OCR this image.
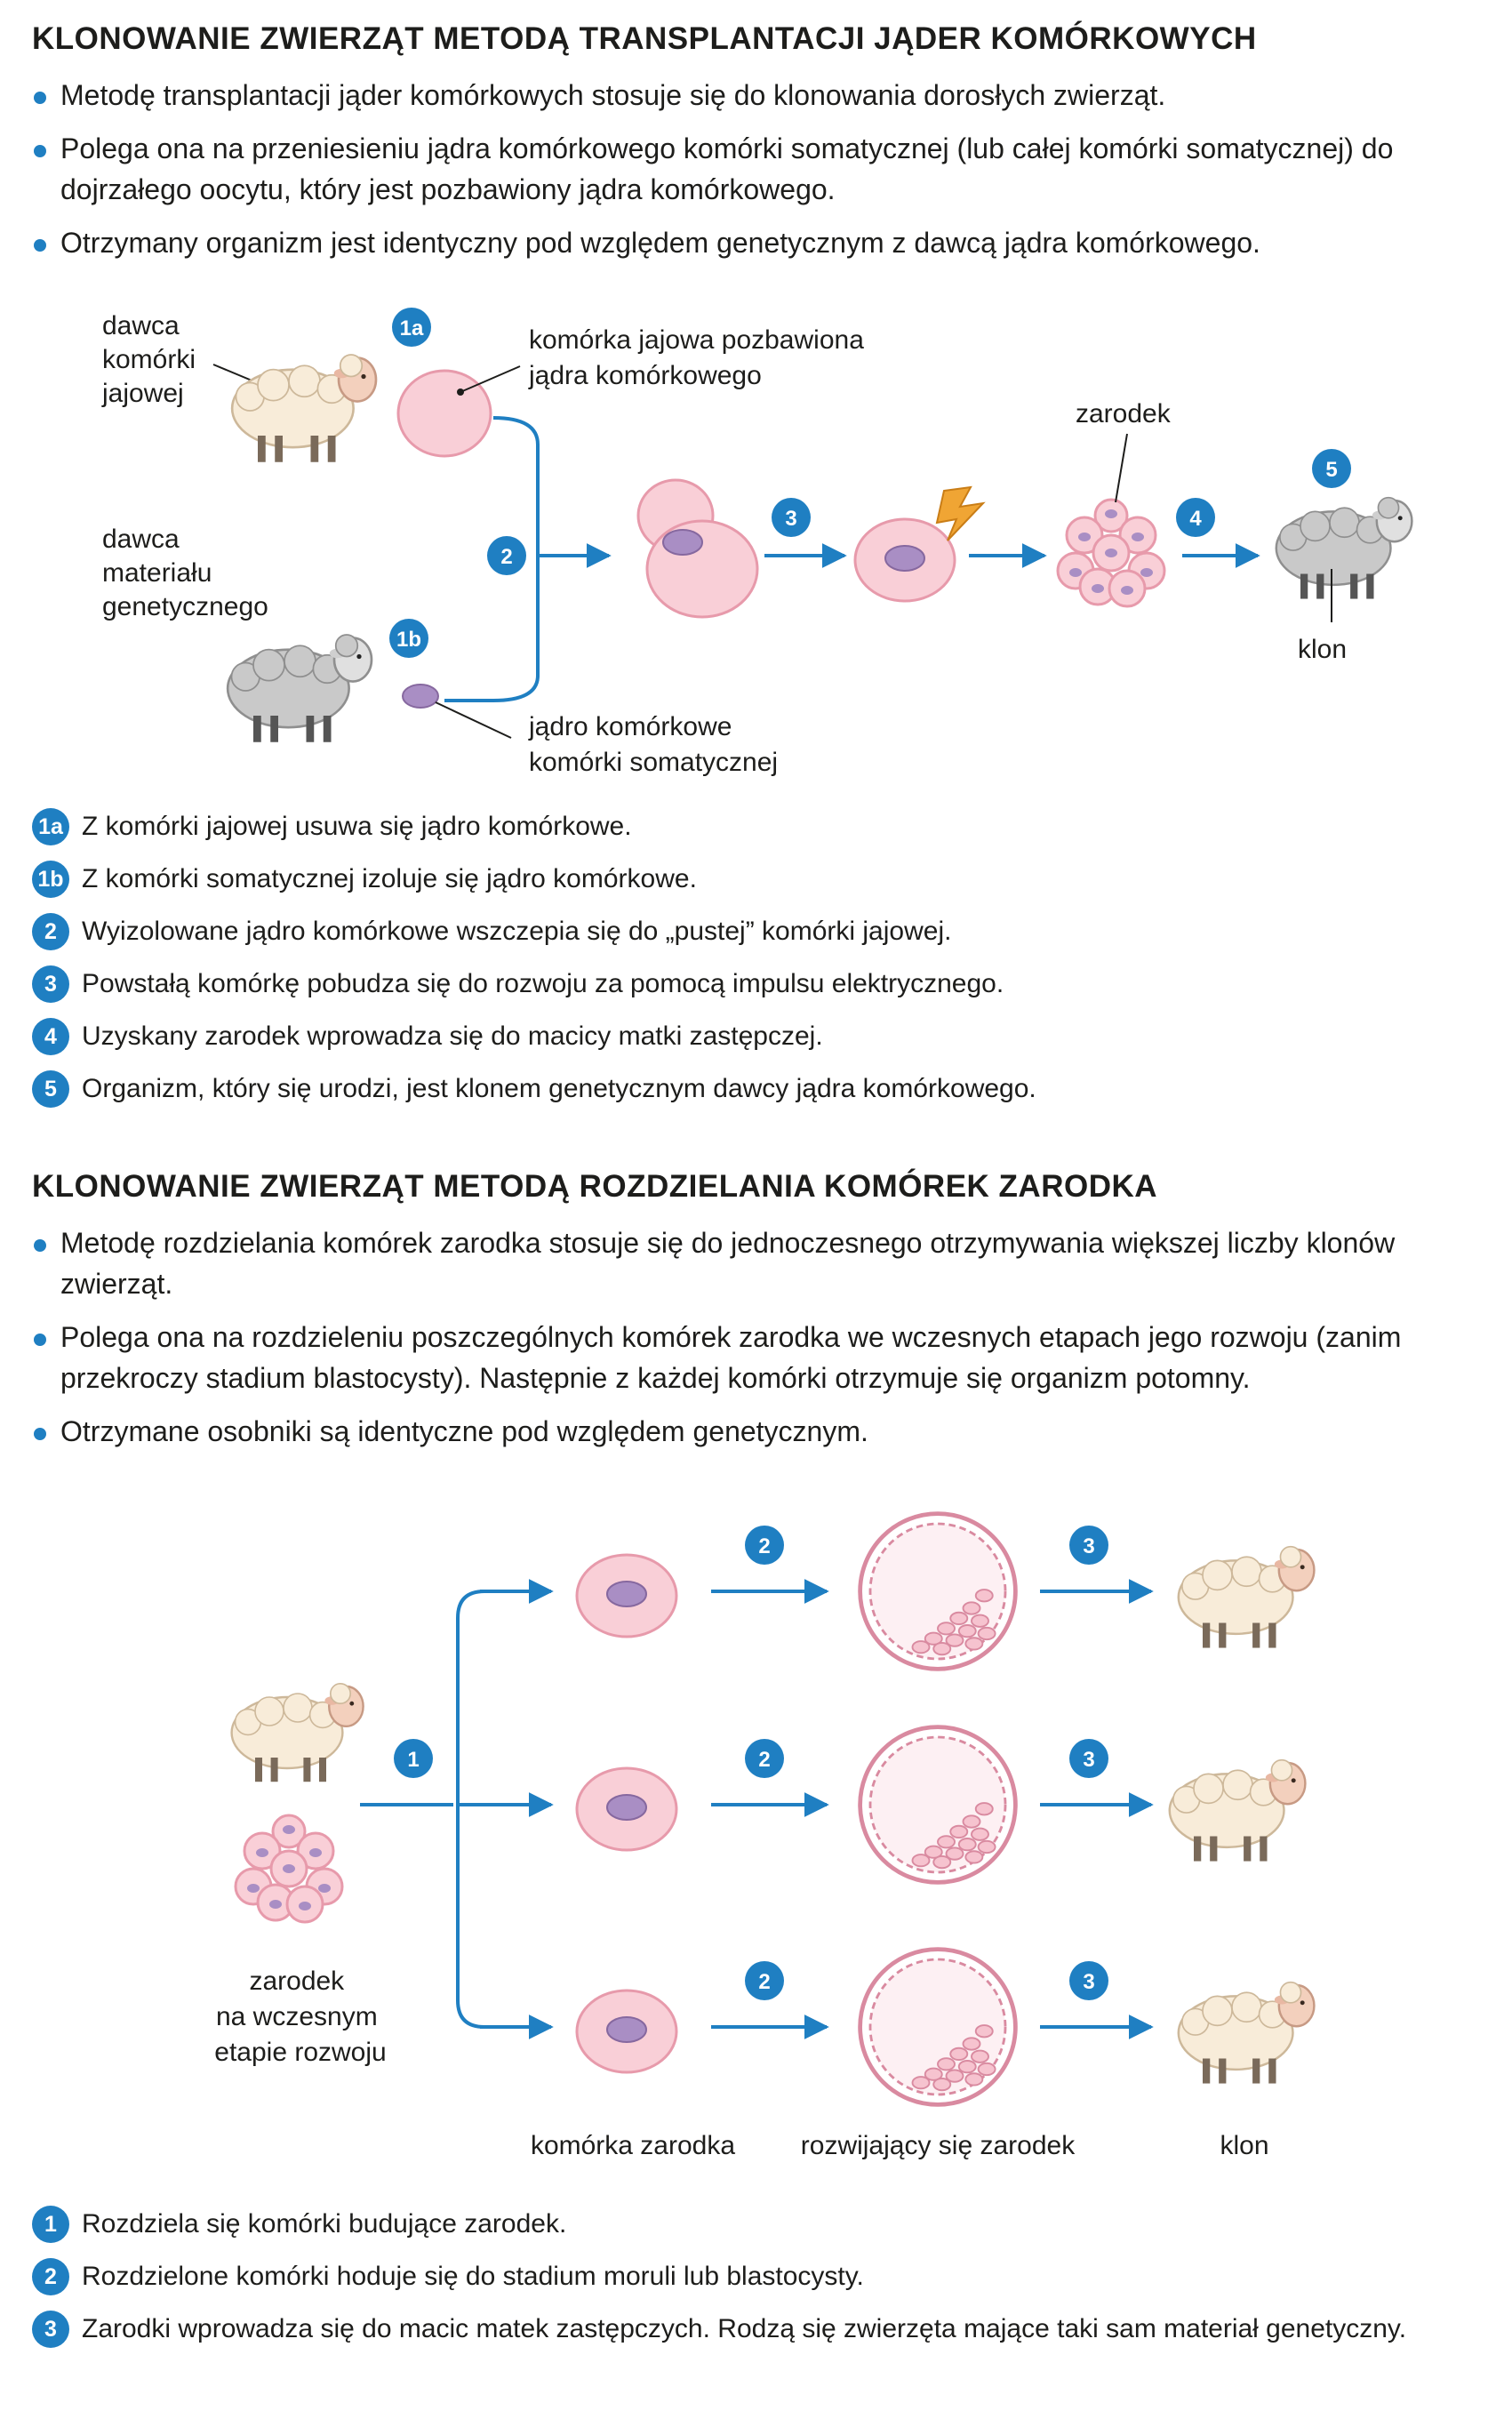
KLONOWANIE ZWIERZĄT METODĄ TRANSPLANTACJI JĄDER KOMÓRKOWYCH
Metodę transplantacji jąder komórkowych stosuje się do klonowania dorosłych zwierząt.
Polega ona na przeniesieniu jądra komórkowego komórki somatycznej (lub całej komórki somatycznej) do dojrzałego oocytu, który jest pozbawiony jądra komórkowego.
Otrzymany organizm jest identyczny pod względem genetycznym z dawcą jądra komórkowego.
dawca komórki jajowej
dawca materiału genetycznego
komórka jajowa pozbawiona jądra komórkowego
jądro komórkowe komórki somatycznej
zarodek
klon
1a
1b
2
3	4
5
1a Z komórki jajowej usuwa się jądro komórkowe.
1b Z komórki somatycznej izoluje się jądro komórkowe.
2 Wyizolowane jądro komórkowe wszczepia się do „pustej” komórki jajowej.
3 Powstałą komórkę pobudza się do rozwoju za pomocą impulsu elektrycznego.
4 Uzyskany zarodek wprowadza się do macicy matki zastępczej.
5 Organizm, który się urodzi, jest klonem genetycznym dawcy jądra komórkowego.
KLONOWANIE ZWIERZĄT METODĄ ROZDZIELANIA KOMÓREK ZARODKA
Metodę rozdzielania komórek zarodka stosuje się do jednoczesnego otrzymywania większej liczby klonów zwierząt.
Polega ona na rozdzieleniu poszczególnych komórek zarodka we wczesnych etapach jego rozwoju (zanim przekroczy stadium blastocysty). Następnie z każdej komórki otrzymuje się organizm potomny.
Otrzymane osobniki są identyczne pod względem genetycznym.
zarodek na wczesnym etapie rozwoju
1
2	3
2	3
2	3
komórka zarodka rozwijający się zarodek	klon
1 Rozdziela się komórki budujące zarodek.
2 Rozdzielone komórki hoduje się do stadium moruli lub blastocysty.
3 Zarodki wprowadza się do macic matek zastępczych. Rodzą się zwierzęta mające taki sam materiał genetyczny.
